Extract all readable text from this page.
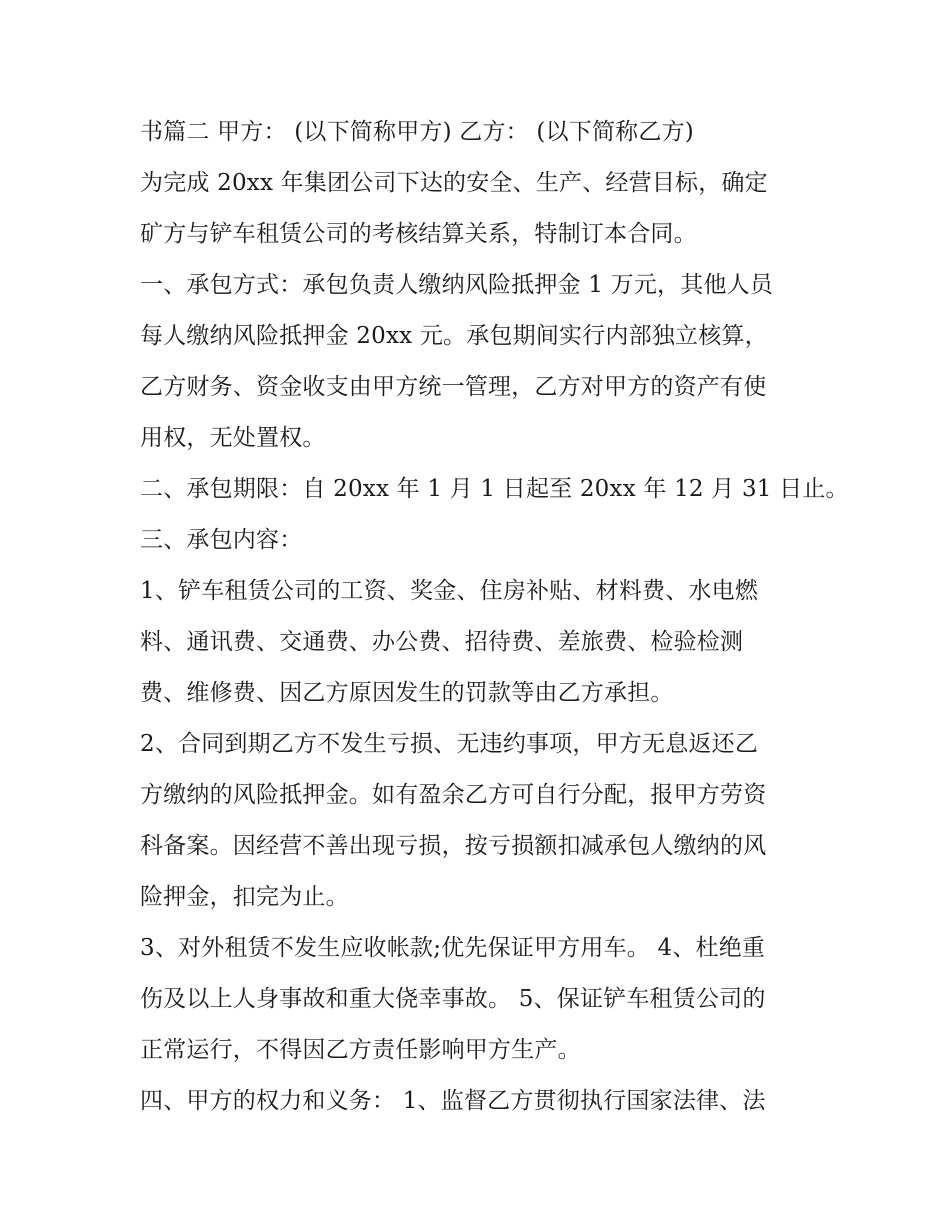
书篇二 甲方： (以下简称甲方) 乙方： (以下简称乙方)
为完成 20xx 年集团公司下达的安全、生产、经营目标，确定
矿方与铲车租赁公司的考核结算关系，特制订本合同。
一、承包方式：承包负责人缴纳风险抵押金 1 万元，其他人员
每人缴纳风险抵押金 20xx 元。承包期间实行内部独立核算，
乙方财务、资金收支由甲方统一管理，乙方对甲方的资产有使
用权，无处置权。
二、承包期限：自 20xx 年 1 月 1 日起至 20xx 年 12 月 31 日止。
三、承包内容：
1、铲车租赁公司的工资、奖金、住房补贴、材料费、水电燃
料、通讯费、交通费、办公费、招待费、差旅费、检验检测
费、维修费、因乙方原因发生的罚款等由乙方承担。
2、合同到期乙方不发生亏损、无违约事项，甲方无息返还乙
方缴纳的风险抵押金。如有盈余乙方可自行分配，报甲方劳资
科备案。因经营不善出现亏损，按亏损额扣减承包人缴纳的风
险押金，扣完为止。
3、对外租赁不发生应收帐款;优先保证甲方用车。 4、杜绝重
伤及以上人身事故和重大侥幸事故。 5、保证铲车租赁公司的
正常运行，不得因乙方责任影响甲方生产。
四、甲方的权力和义务： 1、监督乙方贯彻执行国家法律、法
